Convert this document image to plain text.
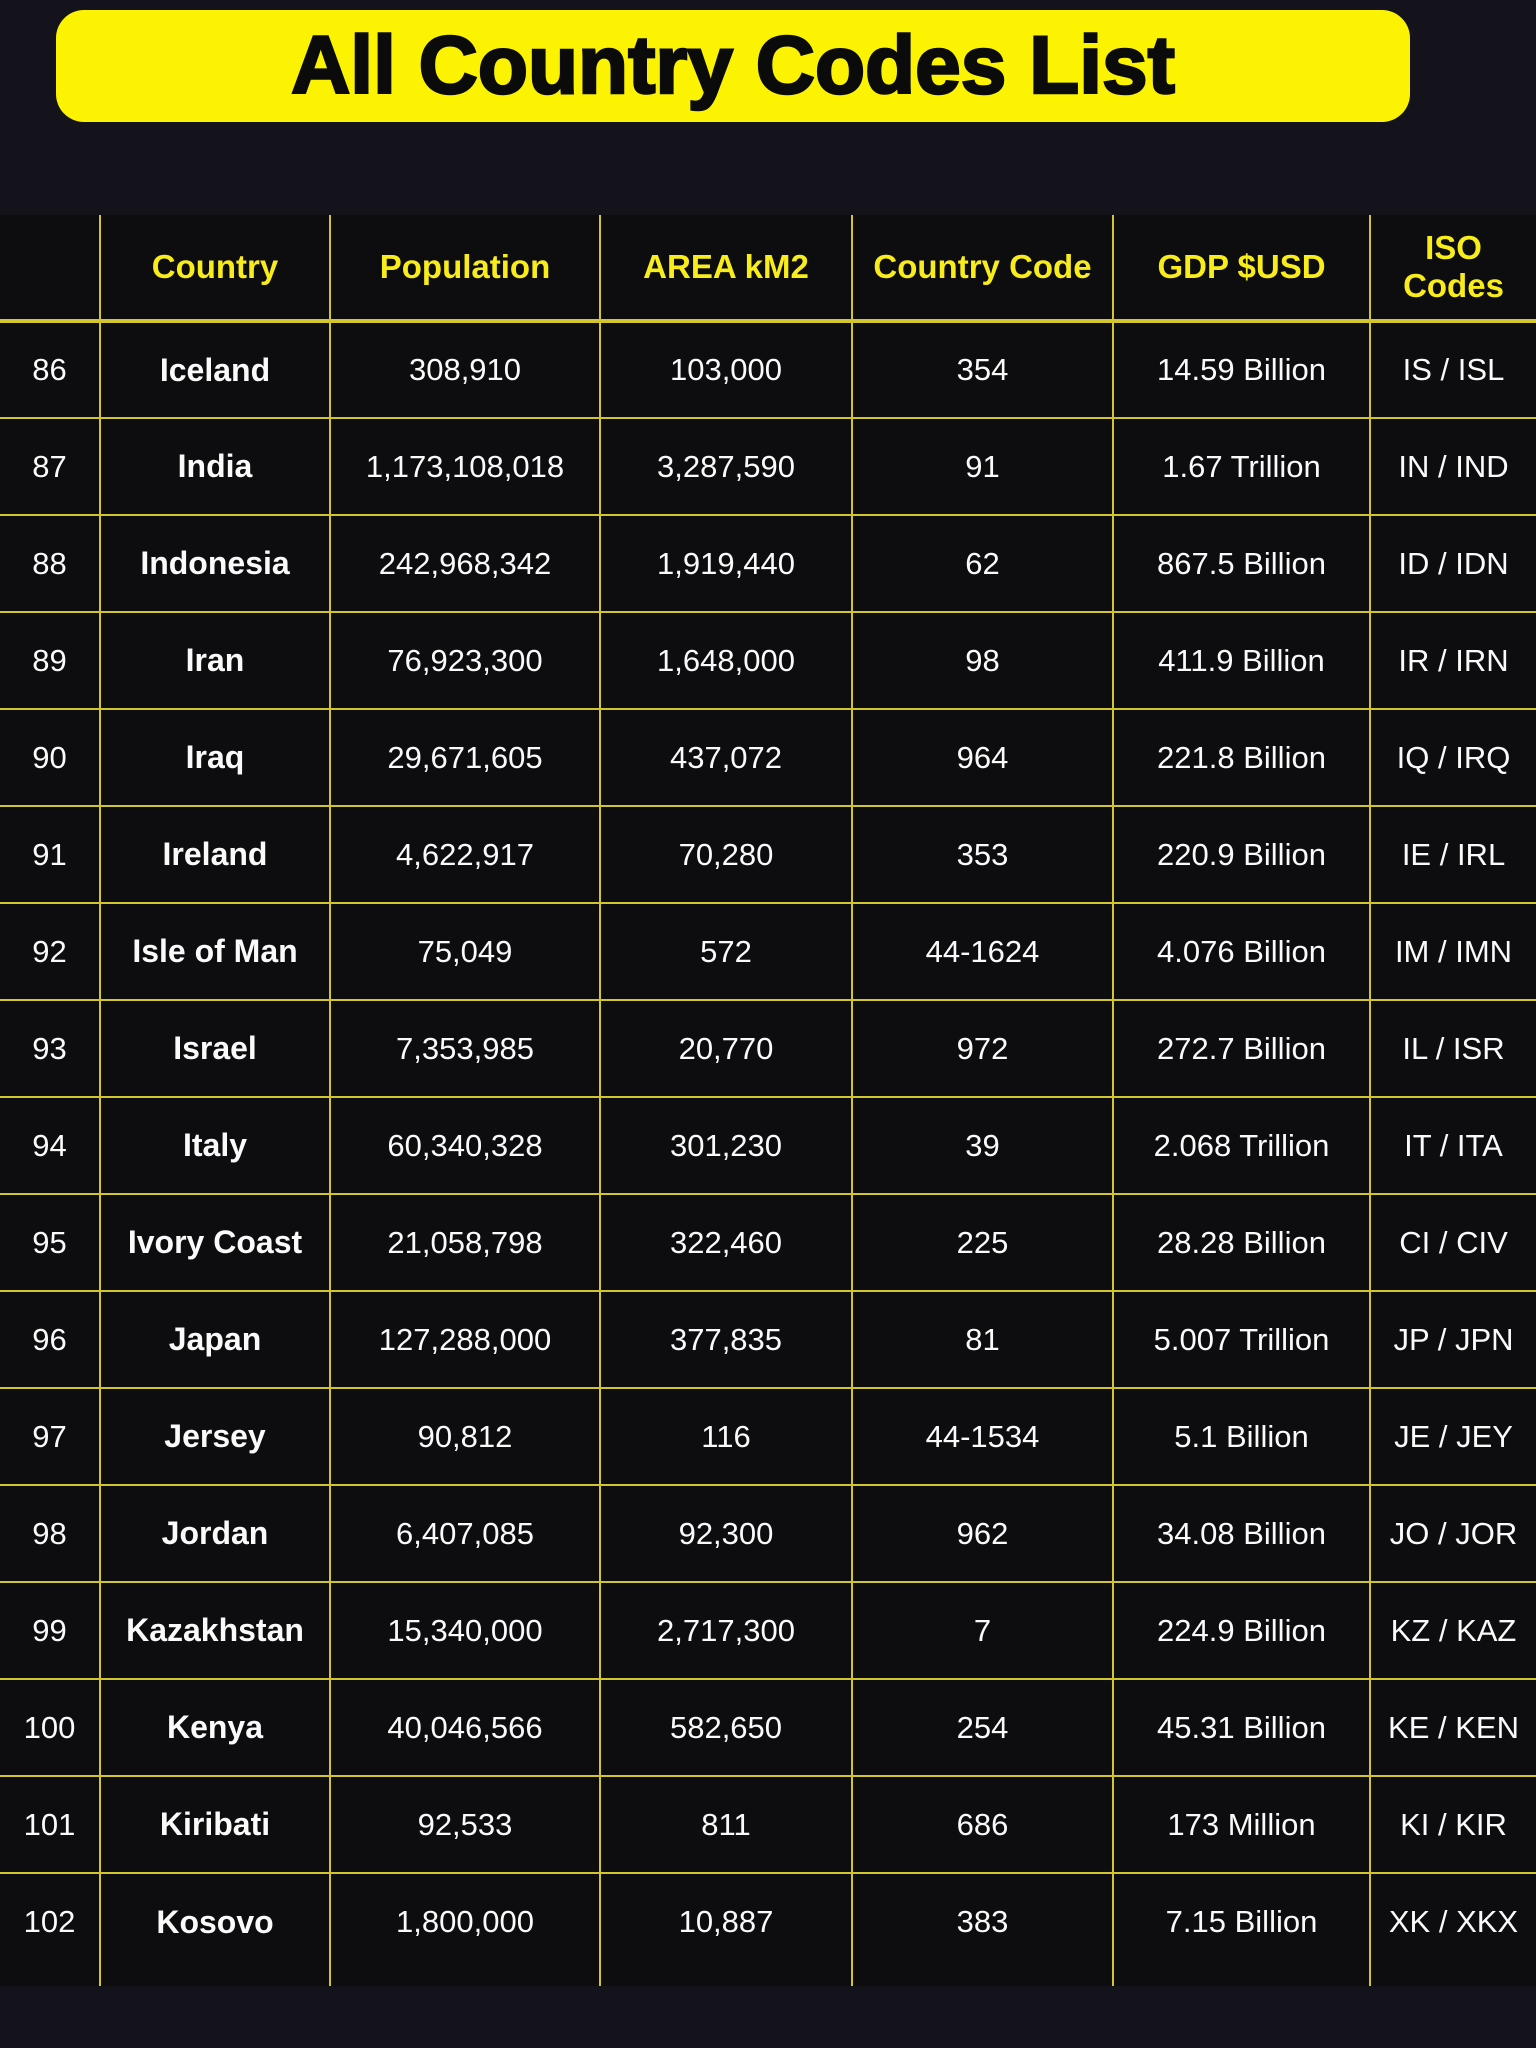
All Country Codes List
	Country	Population	AREA kM2	Country Code	GDP $USD	ISO Codes
86	Iceland	308,910	103,000	354	14.59 Billion	IS / ISL
87	India	1,173,108,018	3,287,590	91	1.67 Trillion	IN / IND
88	Indonesia	242,968,342	1,919,440	62	867.5 Billion	ID / IDN
89	Iran	76,923,300	1,648,000	98	411.9 Billion	IR / IRN
90	Iraq	29,671,605	437,072	964	221.8 Billion	IQ / IRQ
91	Ireland	4,622,917	70,280	353	220.9 Billion	IE / IRL
92	Isle of Man	75,049	572	44-1624	4.076 Billion	IM / IMN
93	Israel	7,353,985	20,770	972	272.7 Billion	IL / ISR
94	Italy	60,340,328	301,230	39	2.068 Trillion	IT / ITA
95	Ivory Coast	21,058,798	322,460	225	28.28 Billion	CI / CIV
96	Japan	127,288,000	377,835	81	5.007 Trillion	JP / JPN
97	Jersey	90,812	116	44-1534	5.1 Billion	JE / JEY
98	Jordan	6,407,085	92,300	962	34.08 Billion	JO / JOR
99	Kazakhstan	15,340,000	2,717,300	7	224.9 Billion	KZ / KAZ
100	Kenya	40,046,566	582,650	254	45.31 Billion	KE / KEN
101	Kiribati	92,533	811	686	173 Million	KI / KIR
102	Kosovo	1,800,000	10,887	383	7.15 Billion	XK / XKX
